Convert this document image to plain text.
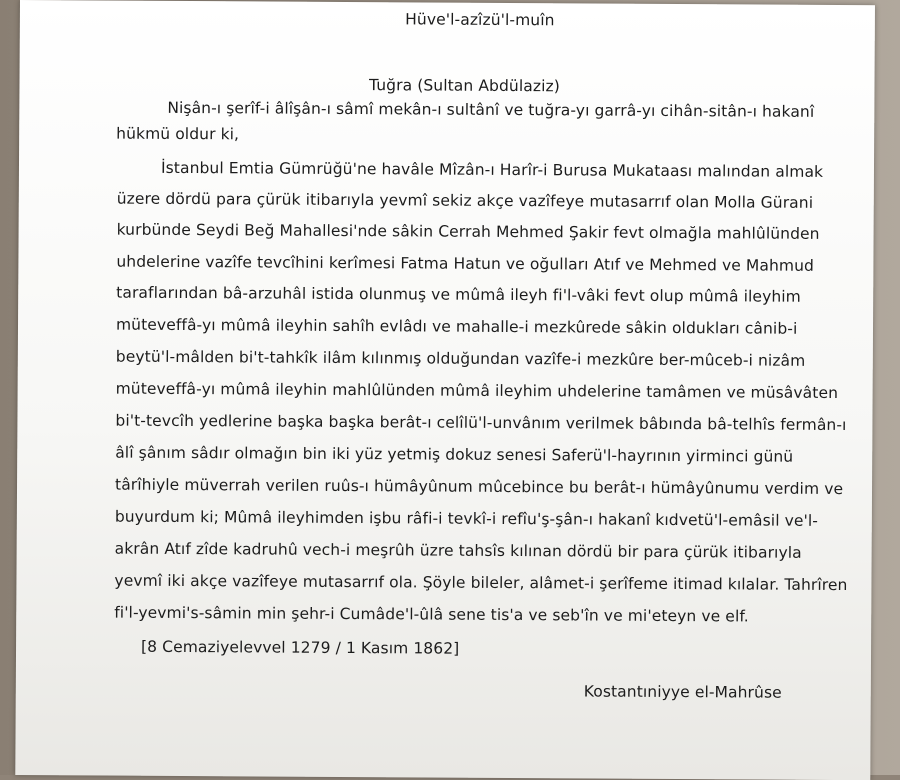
Hüve'l-azîzü'l-muîn
Tuğra (Sultan Abdülaziz)
Nişân-ı şerîf-i âlîşân-ı sâmî mekân-ı sultânî ve tuğra-yı garrâ-yı cihân-sitân-ı hakanî
hükmü oldur ki,
İstanbul Emtia Gümrüğü'ne havâle Mîzân-ı Harîr-i Burusa Mukataası malından almak
üzere dördü para çürük itibarıyla yevmî sekiz akçe vazîfeye mutasarrıf olan Molla Gürani
kurbünde Seydi Beğ Mahallesi'nde sâkin Cerrah Mehmed Şakir fevt olmağla mahlûlünden
uhdelerine vazîfe tevcîhini kerîmesi Fatma Hatun ve oğulları Atıf ve Mehmed ve Mahmud
taraflarından bâ-arzuhâl istida olunmuş ve mûmâ ileyh fi'l-vâki fevt olup mûmâ ileyhim
müteveffâ-yı mûmâ ileyhin sahîh evlâdı ve mahalle-i mezkûrede sâkin oldukları cânib-i
beytü'l-mâlden bi't-tahkîk ilâm kılınmış olduğundan vazîfe-i mezkûre ber-mûceb-i nizâm
müteveffâ-yı mûmâ ileyhin mahlûlünden mûmâ ileyhim uhdelerine tamâmen ve müsâvâten
bi't-tevcîh yedlerine başka başka berât-ı celîlü'l-unvânım verilmek bâbında bâ-telhîs fermân-ı
âlî şânım sâdır olmağın bin iki yüz yetmiş dokuz senesi Saferü'l-hayrının yirminci günü
târîhiyle müverrah verilen ruûs-ı hümâyûnum mûcebince bu berât-ı hümâyûnumu verdim ve
buyurdum ki; Mûmâ ileyhimden işbu râfi-i tevkî-i refîu'ş-şân-ı hakanî kıdvetü'l-emâsil ve'l-
akrân Atıf zîde kadruhû vech-i meşrûh üzre tahsîs kılınan dördü bir para çürük itibarıyla
yevmî iki akçe vazîfeye mutasarrıf ola. Şöyle bileler, alâmet-i şerîfeme itimad kılalar. Tahrîren
fi'l-yevmi's-sâmin min şehr-i Cumâde'l-ûlâ sene tis'a ve seb'în ve mi'eteyn ve elf.
[8 Cemaziyelevvel 1279 / 1 Kasım 1862]
Kostantıniyye el-Mahrûse
